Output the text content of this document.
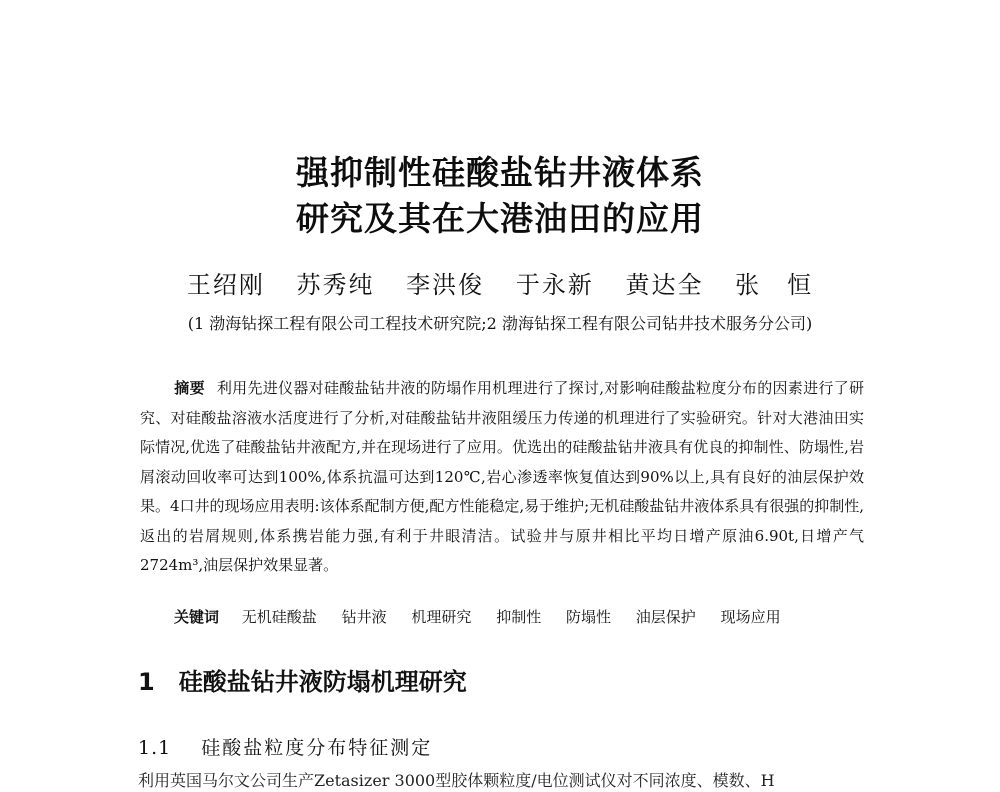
强抑制性硅酸盐钻井液体系
研究及其在大港油田的应用
王绍刚 苏秀纯 李洪俊 于永新 黄达全 张　恒
(1 渤海钻探工程有限公司工程技术研究院;2 渤海钻探工程有限公司钻井技术服务分公司)
摘要 利用先进仪器对硅酸盐钻井液的防塌作用机理进行了探讨,对影响硅酸盐粒度分布的因素进行了研究、对硅酸盐溶液水活度进行了分析,对硅酸盐钻井液阻缓压力传递的机理进行了实验研究。针对大港油田实际情况,优选了硅酸盐钻井液配方,并在现场进行了应用。优选出的硅酸盐钻井液具有优良的抑制性、防塌性,岩屑滚动回收率可达到100%,体系抗温可达到120℃,岩心渗透率恢复值达到90%以上,具有良好的油层保护效果。4口井的现场应用表明:该体系配制方便,配方性能稳定,易于维护;无机硅酸盐钻井液体系具有很强的抑制性,返出的岩屑规则,体系携岩能力强,有利于井眼清洁。试验井与原井相比平均日增产原油6.90t,日增产气2724m³,油层保护效果显著。
关键词 无机硅酸盐 钻井液 机理研究 抑制性 防塌性 油层保护 现场应用
1 硅酸盐钻井液防塌机理研究
1.1 硅酸盐粒度分布特征测定
利用英国马尔文公司生产Zetasizer 3000型胶体颗粒度/电位测试仪对不同浓度、模数、H
